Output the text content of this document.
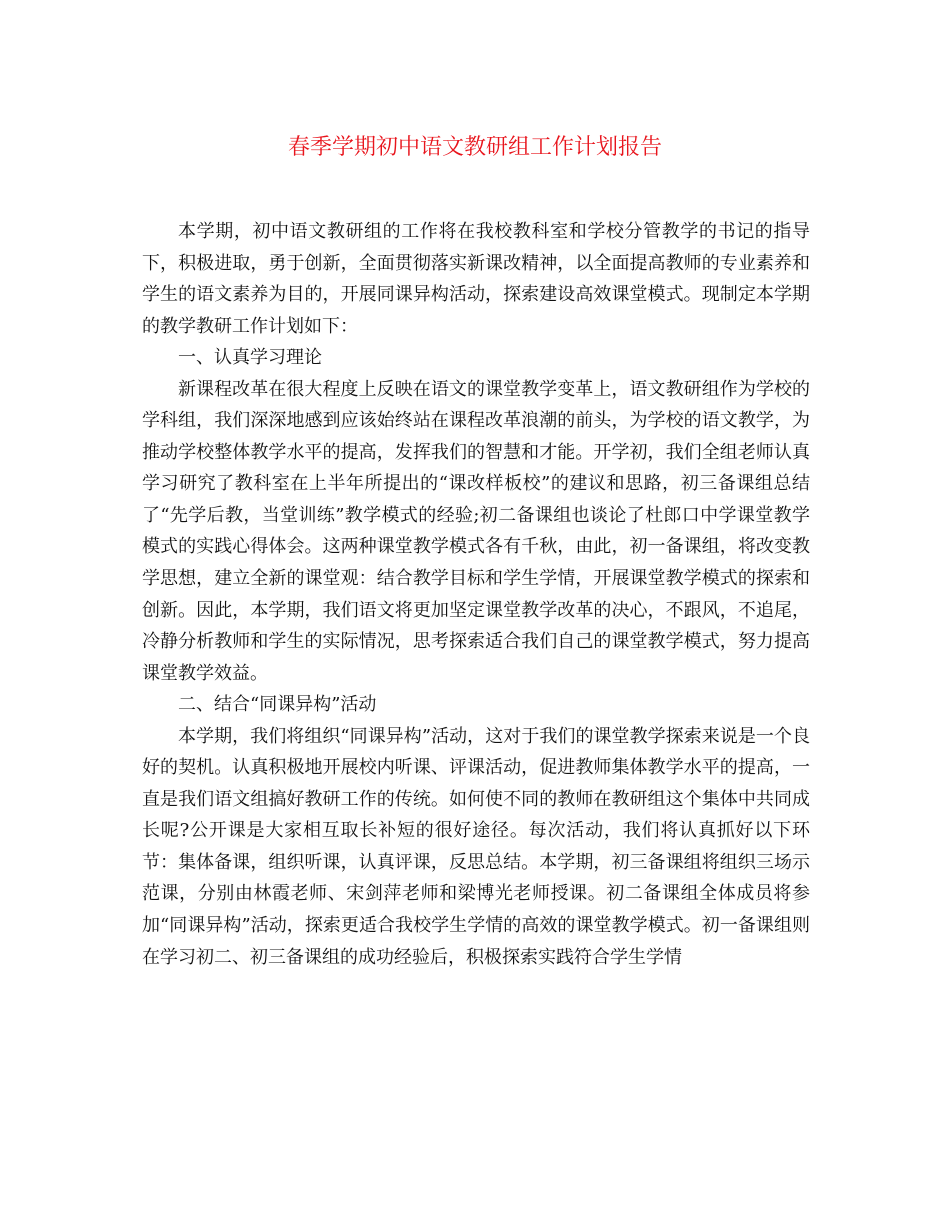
春季学期初中语文教研组工作计划报告

本学期，初中语文教研组的工作将在我校教科室和学校分管教学的书记的指导下，积极进取，勇于创新，全面贯彻落实新课改精神，以全面提高教师的专业素养和学生的语文素养为目的，开展同课异构活动，探索建设高效课堂模式。现制定本学期的教学教研工作计划如下：

一、认真学习理论

新课程改革在很大程度上反映在语文的课堂教学变革上，语文教研组作为学校的学科组，我们深深地感到应该始终站在课程改革浪潮的前头，为学校的语文教学，为推动学校整体教学水平的提高，发挥我们的智慧和才能。开学初，我们全组老师认真学习研究了教科室在上半年所提出的“课改样板校”的建议和思路，初三备课组总结了“先学后教，当堂训练”教学模式的经验;初二备课组也谈论了杜郎口中学课堂教学模式的实践心得体会。这两种课堂教学模式各有千秋，由此，初一备课组，将改变教学思想，建立全新的课堂观：结合教学目标和学生学情，开展课堂教学模式的探索和创新。因此，本学期，我们语文将更加坚定课堂教学改革的决心，不跟风，不追尾，冷静分析教师和学生的实际情况，思考探索适合我们自己的课堂教学模式，努力提高课堂教学效益。

二、结合“同课异构”活动

本学期，我们将组织“同课异构”活动，这对于我们的课堂教学探索来说是一个良好的契机。认真积极地开展校内听课、评课活动，促进教师集体教学水平的提高，一直是我们语文组搞好教研工作的传统。如何使不同的教师在教研组这个集体中共同成长呢?公开课是大家相互取长补短的很好途径。每次活动，我们将认真抓好以下环节：集体备课，组织听课，认真评课，反思总结。本学期，初三备课组将组织三场示范课，分别由林霞老师、宋剑萍老师和梁博光老师授课。初二备课组全体成员将参加“同课异构”活动，探索更适合我校学生学情的高效的课堂教学模式。初一备课组则在学习初二、初三备课组的成功经验后，积极探索实践符合学生学情
